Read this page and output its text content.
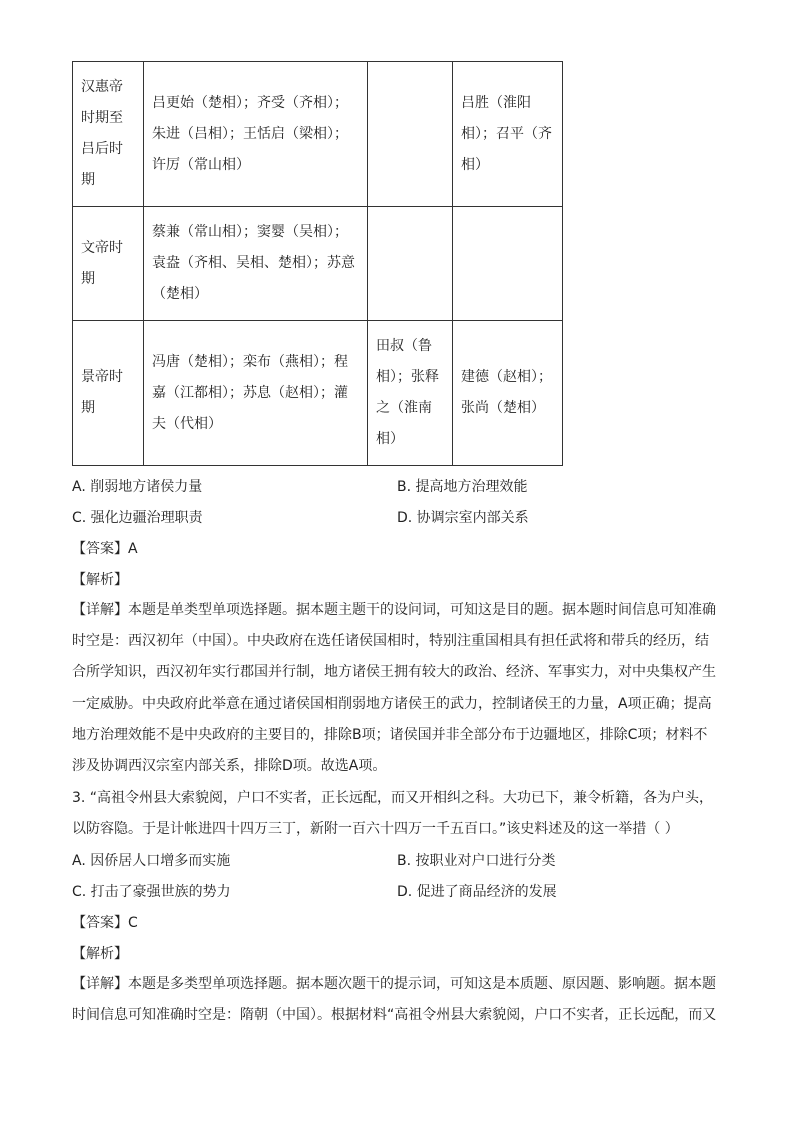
汉惠帝
时期至
吕后时
期	吕更始（楚相）；齐受（齐相）；
朱进（吕相）；王恬启（梁相）；
许厉（常山相）		吕胜（淮阳
相）；召平（齐
相）

文帝时
期	蔡兼（常山相）；窦婴（吴相）；
袁盎（齐相、吴相、楚相）；苏意
（楚相）		

景帝时
期	冯唐（楚相）；栾布（燕相）；程
嘉（江都相）；苏息（赵相）；灌
夫（代相）	田叔（鲁
相）；张释
之（淮南
相）	建德（赵相）；
张尚（楚相）
A. 削弱地方诸侯力量	B. 提高地方治理效能
C. 强化边疆治理职责	D. 协调宗室内部关系
【答案】A
【解析】
【详解】本题是单类型单项选择题。据本题主题干的设问词，可知这是目的题。据本题时间信息可知准确
时空是：西汉初年（中国）。中央政府在选任诸侯国相时，特别注重国相具有担任武将和带兵的经历，结
合所学知识，西汉初年实行郡国并行制，地方诸侯王拥有较大的政治、经济、军事实力，对中央集权产生
一定威胁。中央政府此举意在通过诸侯国相削弱地方诸侯王的武力，控制诸侯王的力量，A项正确；提高
地方治理效能不是中央政府的主要目的，排除B项；诸侯国并非全部分布于边疆地区，排除C项；材料不
涉及协调西汉宗室内部关系，排除D项。故选A项。
3. “高祖令州县大索貌阅，户口不实者，正长远配，而又开相纠之科。大功已下，兼令析籍，各为户头，
以防容隐。于是计帐进四十四万三丁，新附一百六十四万一千五百口。”该史料述及的这一举措（ ）
A. 因侨居人口增多而实施	B. 按职业对户口进行分类
C. 打击了豪强世族的势力	D. 促进了商品经济的发展
【答案】C
【解析】
【详解】本题是多类型单项选择题。据本题次题干的提示词，可知这是本质题、原因题、影响题。据本题
时间信息可知准确时空是：隋朝（中国）。根据材料“高祖令州县大索貌阅，户口不实者，正长远配，而又
